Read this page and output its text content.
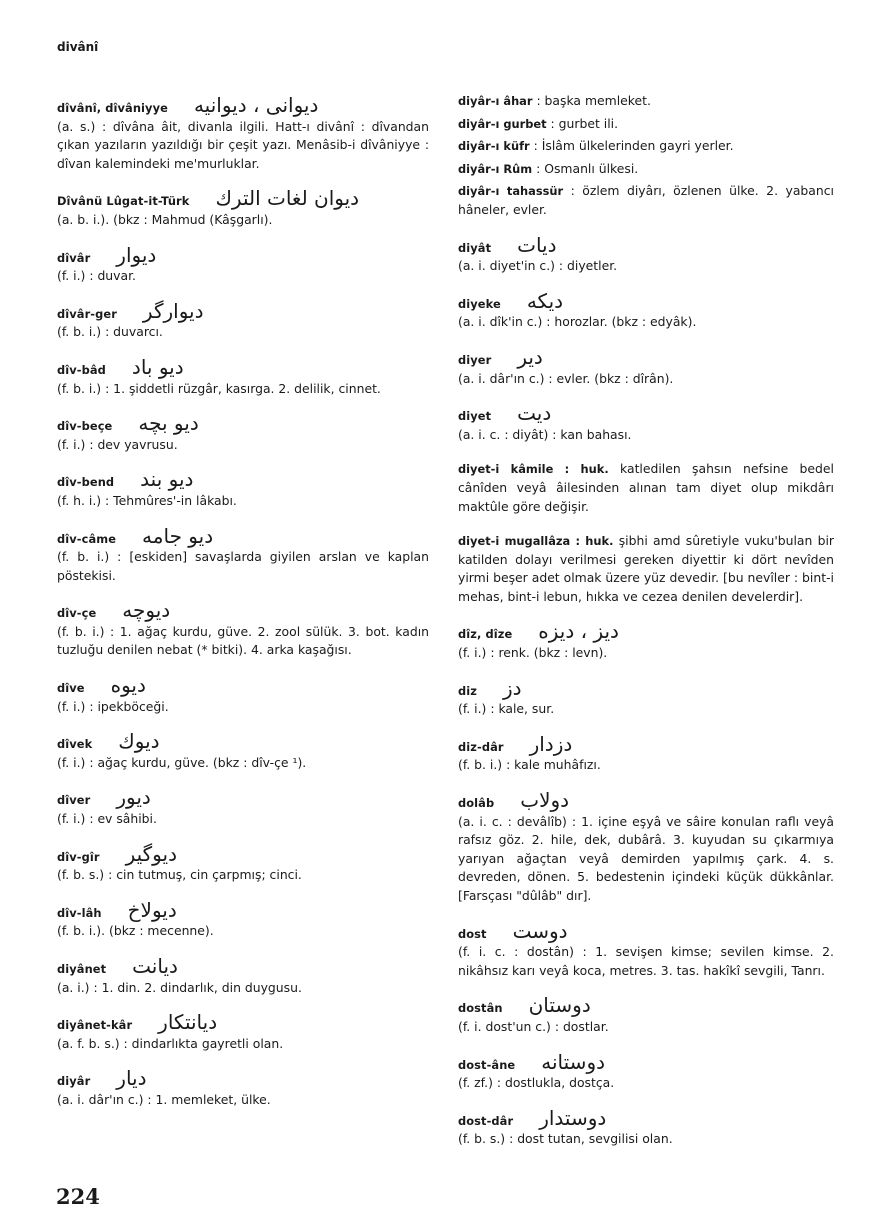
divânî
dîvânî, dîvâniyye دیوانی ، دیوانیه
(a. s.) : dîvâna âit, divanla ilgili. Hatt-ı divânî : dîvandan çıkan yazıların yazıldığı bir çeşit yazı. Menâsib-i dîvâniyye : dîvan kalemindeki me'murluklar.
Dîvânü Lûgat-it-Türk دیوان لغات الترك
(a. b. i.). (bkz : Mahmud (Kâşgarlı).
dîvâr دیوار
(f. i.) : duvar.
dîvâr-ger دیوارگر
(f. b. i.) : duvarcı.
dîv-bâd دیو باد
(f. b. i.) : 1. şiddetli rüzgâr, kasırga. 2. delilik, cinnet.
dîv-beçe دیو بچه
(f. i.) : dev yavrusu.
dîv-bend دیو بند
(f. h. i.) : Tehmûres'-in lâkabı.
dîv-câme دیو جامه
(f. b. i.) : [eskiden] savaşlarda giyilen arslan ve kaplan pöstekisi.
dîv-çe دیوچه
(f. b. i.) : 1. ağaç kurdu, güve. 2. zool sülük. 3. bot. kadın tuzluğu denilen nebat (* bitki). 4. arka kaşağısı.
dîve دیوه
(f. i.) : ipekböceği.
dîvek دیوك
(f. i.) : ağaç kurdu, güve. (bkz : dîv-çe ¹).
dîver دیور
(f. i.) : ev sâhibi.
dîv-gîr دیوگیر
(f. b. s.) : cin tutmuş, cin çarpmış; cinci.
dîv-lâh دیولاخ
(f. b. i.). (bkz : mecenne).
diyânet دیانت
(a. i.) : 1. din. 2. dindarlık, din duygusu.
diyânet-kâr دیانتکار
(a. f. b. s.) : dindarlıkta gayretli olan.
diyâr دیار
(a. i. dâr'ın c.) : 1. memleket, ülke.
diyâr-ı âhar : başka memleket.
diyâr-ı gurbet : gurbet ili.
diyâr-ı küfr : İslâm ülkelerinden gayri yerler.
diyâr-ı Rûm : Osmanlı ülkesi.
diyâr-ı tahassür : özlem diyârı, özlenen ülke. 2. yabancı hâneler, evler.
diyât دیات
(a. i. diyet'in c.) : diyetler.
diyeke دیکه
(a. i. dîk'in c.) : horozlar. (bkz : edyâk).
diyer دیر
(a. i. dâr'ın c.) : evler. (bkz : dîrân).
diyet دیت
(a. i. c. : diyât) : kan bahası.
diyet-i kâmile : huk. katledilen şahsın nefsine bedel cânîden veyâ âilesinden alınan tam diyet olup mikdârı maktûle göre değişir.
diyet-i mugallâza : huk. şibhi amd sûretiyle vuku'bulan bir katilden dolayı verilmesi gereken diyettir ki dört nevîden yirmi beşer adet olmak üzere yüz devedir. [bu nevîler : bint-i mehas, bint-i lebun, hıkka ve cezea denilen develerdir].
dîz, dîze دیز ، دیزه
(f. i.) : renk. (bkz : levn).
diz دز
(f. i.) : kale, sur.
diz-dâr دزدار
(f. b. i.) : kale muhâfızı.
dolâb دولاب
(a. i. c. : devâlîb) : 1. içine eşyâ ve sâire konulan raflı veyâ rafsız göz. 2. hile, dek, dubârâ. 3. kuyudan su çıkarmıya yarıyan ağaçtan veyâ demirden yapılmış çark. 4. s. devreden, dönen. 5. bedestenin içindeki küçük dükkânlar. [Farsçası "dûlâb" dır].
dost دوست
(f. i. c. : dostân) : 1. sevişen kimse; sevilen kimse. 2. nikâhsız karı veyâ koca, metres. 3. tas. hakîkî sevgili, Tanrı.
dostân دوستان
(f. i. dost'un c.) : dostlar.
dost-âne دوستانه
(f. zf.) : dostlukla, dostça.
dost-dâr دوستدار
(f. b. s.) : dost tutan, sevgilisi olan.
224
